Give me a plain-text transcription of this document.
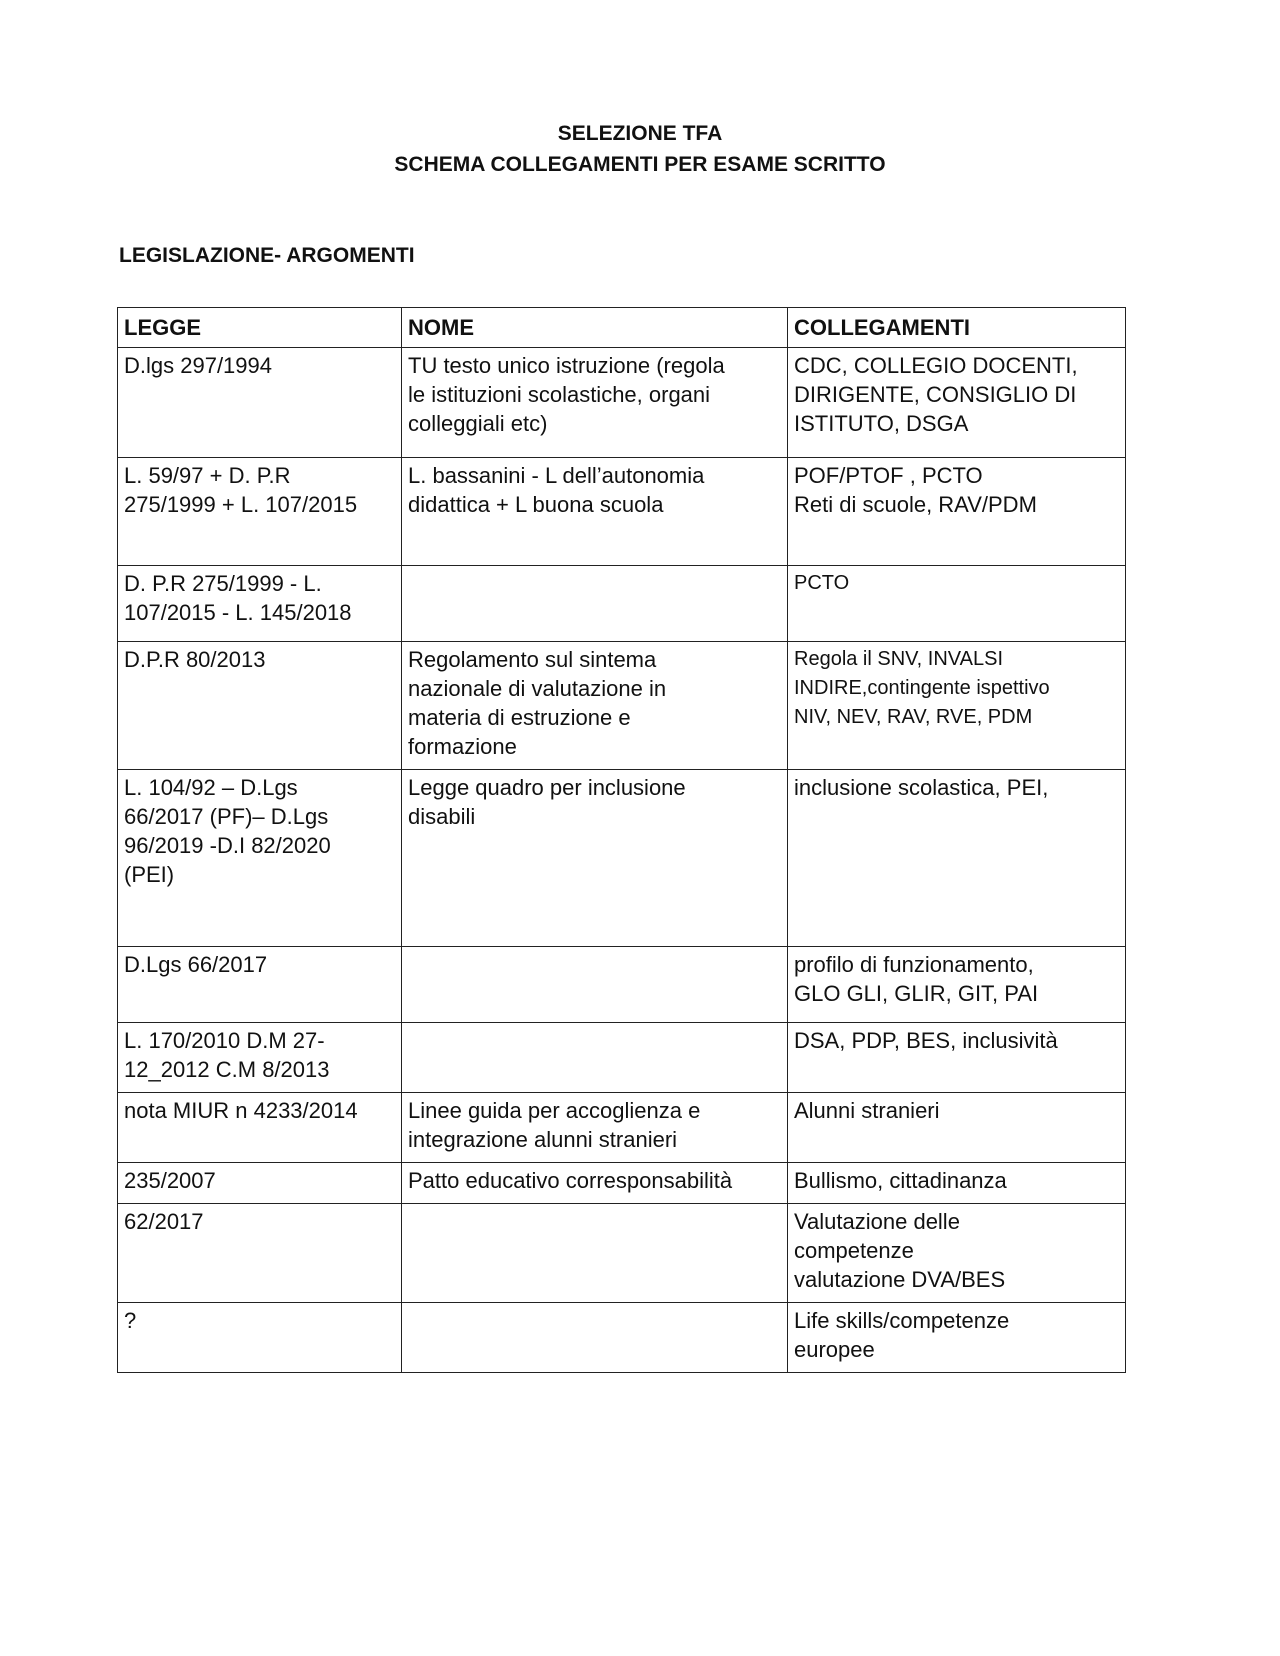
SELEZIONE TFA
SCHEMA COLLEGAMENTI PER ESAME SCRITTO
LEGISLAZIONE- ARGOMENTI
LEGGE	NOME	COLLEGAMENTI

D.lgs 297/1994	TU testo unico istruzione (regola
le istituzioni scolastiche, organi
colleggiali etc)	CDC, COLLEGIO DOCENTI,
DIRIGENTE, CONSIGLIO DI
ISTITUTO, DSGA

L. 59/97 + D. P.R
275/1999 + L. 107/2015	L. bassanini - L dell’autonomia
didattica + L buona scuola	POF/PTOF , PCTO
Reti di scuole, RAV/PDM

D. P.R 275/1999 - L.
107/2015 - L. 145/2018		PCTO

D.P.R 80/2013	Regolamento sul sintema
nazionale di valutazione in
materia di estruzione e
formazione	Regola il SNV, INVALSI
INDIRE,contingente ispettivo
NIV, NEV, RAV, RVE, PDM

L. 104/92 – D.Lgs
66/2017 (PF)– D.Lgs
96/2019 -D.I 82/2020
(PEI)	Legge quadro per inclusione
disabili	inclusione scolastica, PEI,

D.Lgs 66/2017		profilo di funzionamento,
GLO GLI, GLIR, GIT, PAI

L. 170/2010 D.M 27-
12_2012 C.M 8/2013		DSA, PDP, BES, inclusività

nota MIUR n 4233/2014	Linee guida per accoglienza e
integrazione alunni stranieri	Alunni stranieri

235/2007	Patto educativo corresponsabilità	Bullismo, cittadinanza

62/2017		Valutazione delle
competenze
valutazione DVA/BES

?		Life skills/competenze
europee
